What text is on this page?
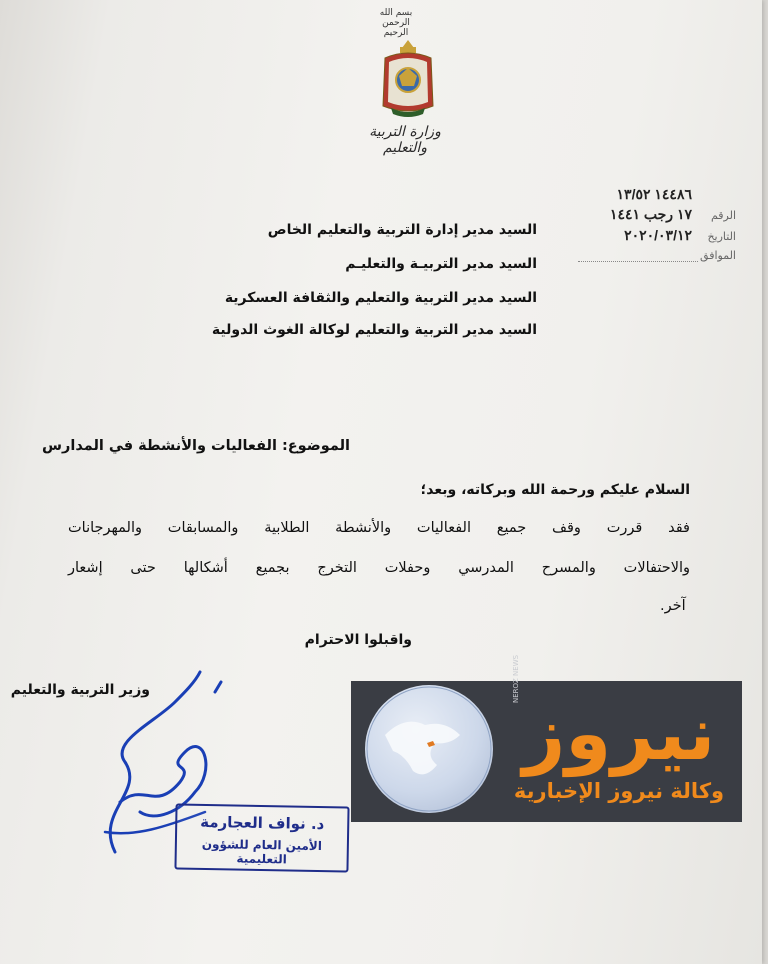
بسم الله الرحمن الرحيم
وزارة التربية والتعليم
١٤٤٨٦ ١٣/٥٢
الرقم١٧ رجب ١٤٤١
التاريخ٢٠٢٠/٠٣/١٢
الموافق
السيد مدير إدارة التربية والتعليم الخاص
السيد مدير التربيـة والتعليـم
السيد مدير التربية والتعليم والثقافة العسكرية
السيد مدير التربية والتعليم لوكالة الغوث الدولية
الموضوع: الفعاليات والأنشطة في المدارس
السلام عليكم ورحمة الله وبركاته، وبعد؛
فقد قررت وقف جميع الفعاليات والأنشطة الطلابية والمسابقات والمهرجانات
والاحتفالات والمسرح المدرسي وحفلات التخرج بجميع أشكالها حتى إشعار
آخر.
واقبلوا الاحترام
وزير التربية والتعليم
د. نواف العجارمة
الأمين العام للشؤون التعليمية
NEROZ NEWS
نيروز
وكالة نيروز الإخبارية
